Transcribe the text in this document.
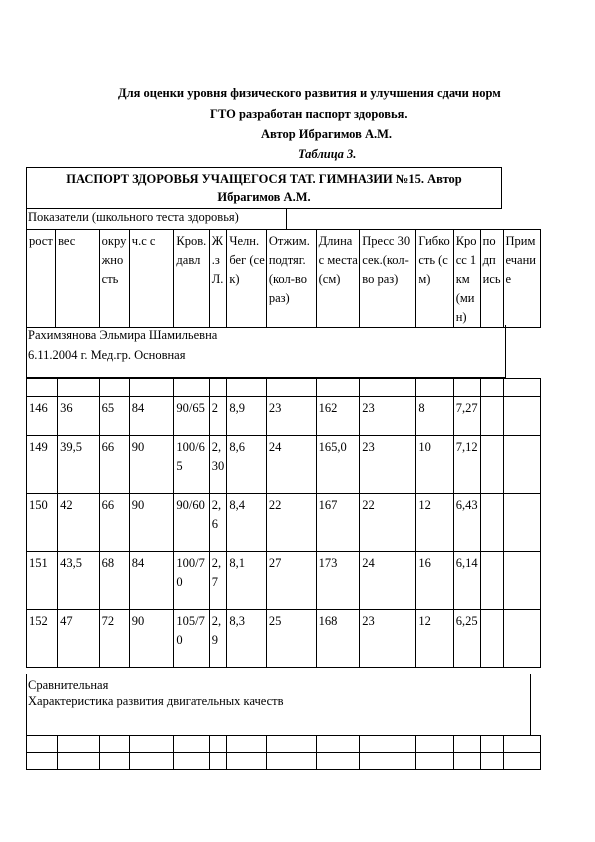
Для оценки уровня физического развития и улучшения сдачи норм
ГТО разработан паспорт здоровья.
Автор Ибрагимов А.М.
Таблица 3.
ПАСПОРТ ЗДОРОВЬЯ УЧАЩЕГОСЯ ТАТ. ГИМНАЗИИ №15. Автор
Ибрагимов А.М.
Показатели (школьного теста здоровья)
рост	вес	окружность	ч.с с	Кров. давл	Ж.з Л.	Челн.бег (сек)	Отжим.подтяг. (кол-во раз)	Длина с места (см)	Пресс 30 сек.(кол-во раз)	Гибкость (см)	Кросс 1 км (мин)	по дпись	Примечание
Рахимзянова Эльмира Шамильевна
6.11.2004 г. Мед.гр. Основная

146	36	65	84	90/65	2	8,9	23	162	23	8	7,27		
149	39,5	66	90	100/65	2,30	8,6	24	165,0	23	10	7,12		
150	42	66	90	90/60	2,6	8,4	22	167	22	12	6,43		
151	43,5	68	84	100/70	2,7	8,1	27	173	24	16	6,14		
152	47	72	90	105/70	2,9	8,3	25	168	23	12	6,25		
Сравнительная
Характеристика развития двигательных качеств
